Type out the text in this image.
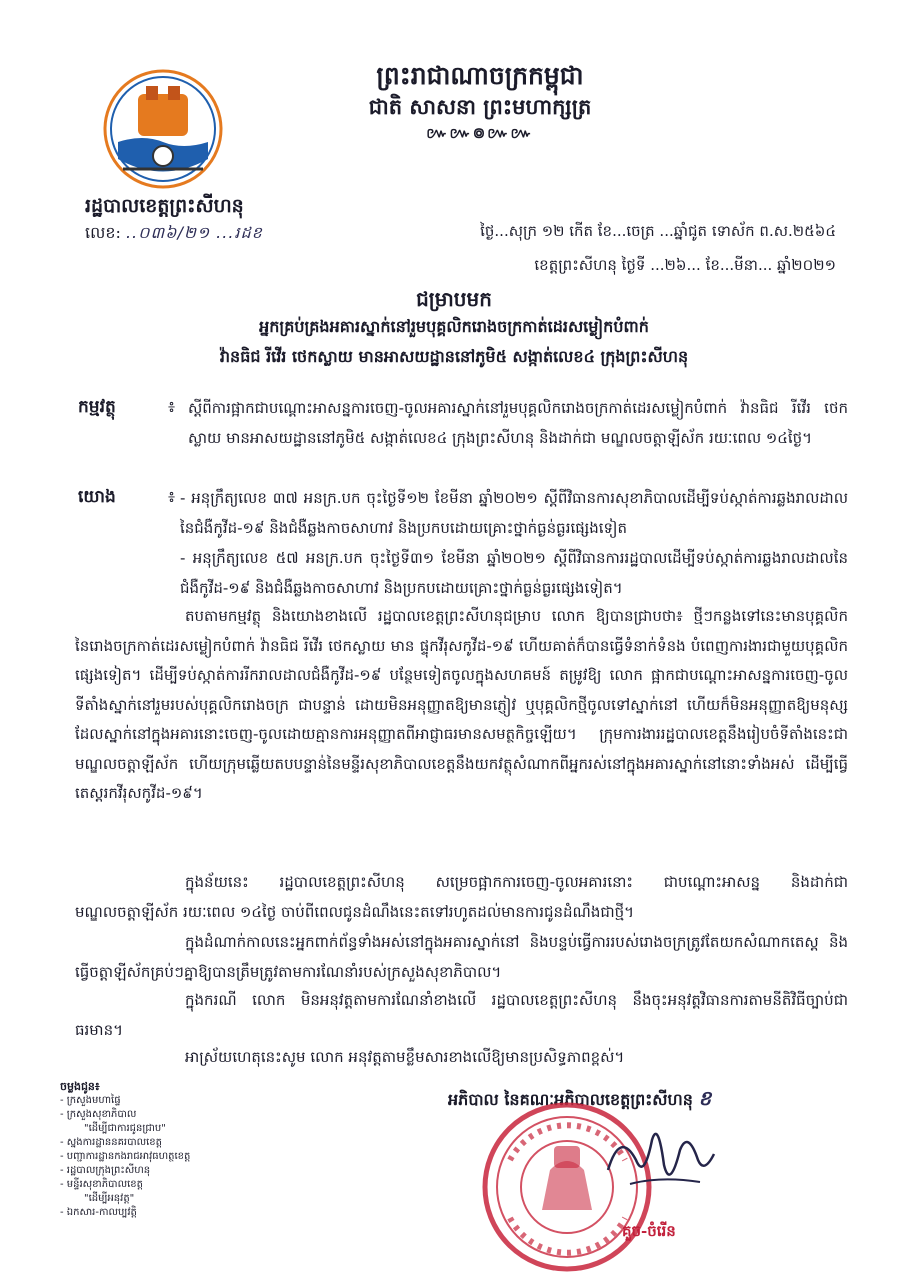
ព្រះរាជាណាចក្រកម្ពុជា
ជាតិ សាសនា ព្រះមហាក្សត្រ
៚៚៙៚៚
រដ្ឋបាលខេត្តព្រះសីហនុ
លេខ: ..០៣៦/២១ ...រដខ	ថ្ងៃ...សុក្រ ១២ កើត ខែ...ចេត្រ ...ឆ្នាំជូត ទោស័ក ព.ស.២៥៦៤
ខេត្តព្រះសីហនុ ថ្ងៃទី ...២៦... ខែ...មីនា... ឆ្នាំ២០២១
ជម្រាបមក
អ្នកគ្រប់គ្រងអគារស្នាក់នៅរួមបុគ្គលិករោងចក្រកាត់ដេរសម្លៀកបំពាក់
វ៉ានធិជ រីវើរ ថេកស្លាយ មានអាសយដ្ឋាននៅភូមិ៥ សង្កាត់លេខ៤ ក្រុងព្រះសីហនុ
កម្មវត្ថុ	៖ ស្តីពីការផ្អាកជាបណ្តោះអាសន្នការចេញ-ចូលអគារស្នាក់នៅរួមបុគ្គលិករោងចក្រកាត់ដេរសម្លៀកបំពាក់ វ៉ានធិជ រីវើរ ថេកស្លាយ មានអាសយដ្ឋាននៅភូមិ៥ សង្កាត់លេខ៤ ក្រុងព្រះសីហនុ និងដាក់ជា មណ្ឌលចត្តាឡីស័ក រយៈពេល ១៤ថ្ងៃ។
យោង	៖ - អនុក្រឹត្យលេខ ៣៧ អនក្រ.បក ចុះថ្ងៃទី១២ ខែមីនា ឆ្នាំ២០២១ ស្តីពីវិធានការសុខាភិបាលដើម្បីទប់ស្កាត់ការឆ្លងរាលដាលនៃជំងឺកូវីដ-១៩ និងជំងឺឆ្លងកាចសាហាវ និងប្រកបដោយគ្រោះថ្នាក់ធ្ងន់ធ្ងរផ្សេងទៀត
- អនុក្រឹត្យលេខ ៥៧ អនក្រ.បក ចុះថ្ងៃទី៣១ ខែមីនា ឆ្នាំ២០២១ ស្តីពីវិធានការរដ្ឋបាលដើម្បីទប់ស្កាត់ការឆ្លងរាលដាលនៃជំងឺកូវីដ-១៩ និងជំងឺឆ្លងកាចសាហាវ និងប្រកបដោយគ្រោះថ្នាក់ធ្ងន់ធ្ងរផ្សេងទៀត។
តបតាមកម្មវត្ថុ និងយោងខាងលើ រដ្ឋបាលខេត្តព្រះសីហនុជម្រាប លោក ឱ្យបានជ្រាបថា៖ ថ្មីៗកន្លងទៅនេះមានបុគ្គលិកនៃរោងចក្រកាត់ដេរសម្លៀកបំពាក់ វ៉ានធិជ រីវើរ ថេកស្លាយ មាន ផ្ទុកវីរុសកូវីដ-១៩ ហើយគាត់ក៏បានធ្វើទំនាក់ទំនង បំពេញការងារជាមួយបុគ្គលិកផ្សេងទៀត។ ដើម្បីទប់ស្កាត់ការរីករាលដាលជំងឺកូវីដ-១៩ បន្ថែមទៀតចូលក្នុងសហគមន៍ តម្រូវឱ្យ លោក ផ្អាកជាបណ្តោះអាសន្នការចេញ-ចូលទីតាំងស្នាក់នៅរួមរបស់បុគ្គលិករោងចក្រ ជាបន្ទាន់ ដោយមិនអនុញ្ញាតឱ្យមានភ្ញៀវ ឬបុគ្គលិកថ្មីចូលទៅស្នាក់នៅ ហើយក៏មិនអនុញ្ញាតឱ្យមនុស្សដែលស្នាក់នៅក្នុងអគារនោះចេញ-ចូលដោយគ្មានការអនុញ្ញាតពីអាជ្ញាធរមានសមត្ថកិច្ចឡើយ។ ក្រុមការងាររដ្ឋបាលខេត្តនឹងរៀបចំទីតាំងនេះជា មណ្ឌលចត្តាឡីស័ក ហើយក្រុមឆ្លើយតបបន្ទាន់នៃមន្ទីរសុខាភិបាលខេត្តនឹងយកវត្ថុសំណាកពីអ្នករស់នៅក្នុងអគារស្នាក់នៅនោះទាំងអស់ ដើម្បីធ្វើតេស្តរកវីរុសកូវីដ-១៩។
ក្នុងន័យនេះ រដ្ឋបាលខេត្តព្រះសីហនុ សម្រេចផ្អាកការចេញ-ចូលអគារនោះ ជាបណ្តោះអាសន្ន និងដាក់ជា មណ្ឌលចត្តាឡីស័ក រយៈពេល ១៤ថ្ងៃ ចាប់ពីពេលជូនដំណឹងនេះតទៅរហូតដល់មានការជូនដំណឹងជាថ្មី។
ក្នុងដំណាក់កាលនេះអ្នកពាក់ព័ន្ធទាំងអស់នៅក្នុងអគារស្នាក់នៅ និងបន្ទប់ធ្វើការរបស់រោងចក្រត្រូវតែយកសំណាកតេស្ត និងធ្វើចត្តាឡីស័កគ្រប់ៗគ្នាឱ្យបានត្រឹមត្រូវតាមការណែនាំរបស់ក្រសួងសុខាភិបាល។
ក្នុងករណី លោក មិនអនុវត្តតាមការណែនាំខាងលើ រដ្ឋបាលខេត្តព្រះសីហនុ នឹងចុះអនុវត្តវិធានការតាមនីតិវិធីច្បាប់ជាធរមាន។
អាស្រ័យហេតុនេះសូម លោក អនុវត្តតាមខ្លឹមសារខាងលើឱ្យមានប្រសិទ្ធភាពខ្ពស់។
ចម្លងជូន៖
- ក្រសួងមហាផ្ទៃ
- ក្រសួងសុខាភិបាល
"ដើម្បីជាការជូនជ្រាប"
- ស្នងការដ្ឋាននគរបាលខេត្ត
- បញ្ជាការដ្ឋានកងរាជអាវុធហត្ថខេត្ត
- រដ្ឋបាលក្រុងព្រះសីហនុ
- មន្ទីរសុខាភិបាលខេត្ត
"ដើម្បីអនុវត្ត"
- ឯកសារ-កាលប្បវត្តិ
អភិបាល នៃគណៈអភិបាលខេត្តព្រះសីហនុ ខ
គួច-ចំរើន
